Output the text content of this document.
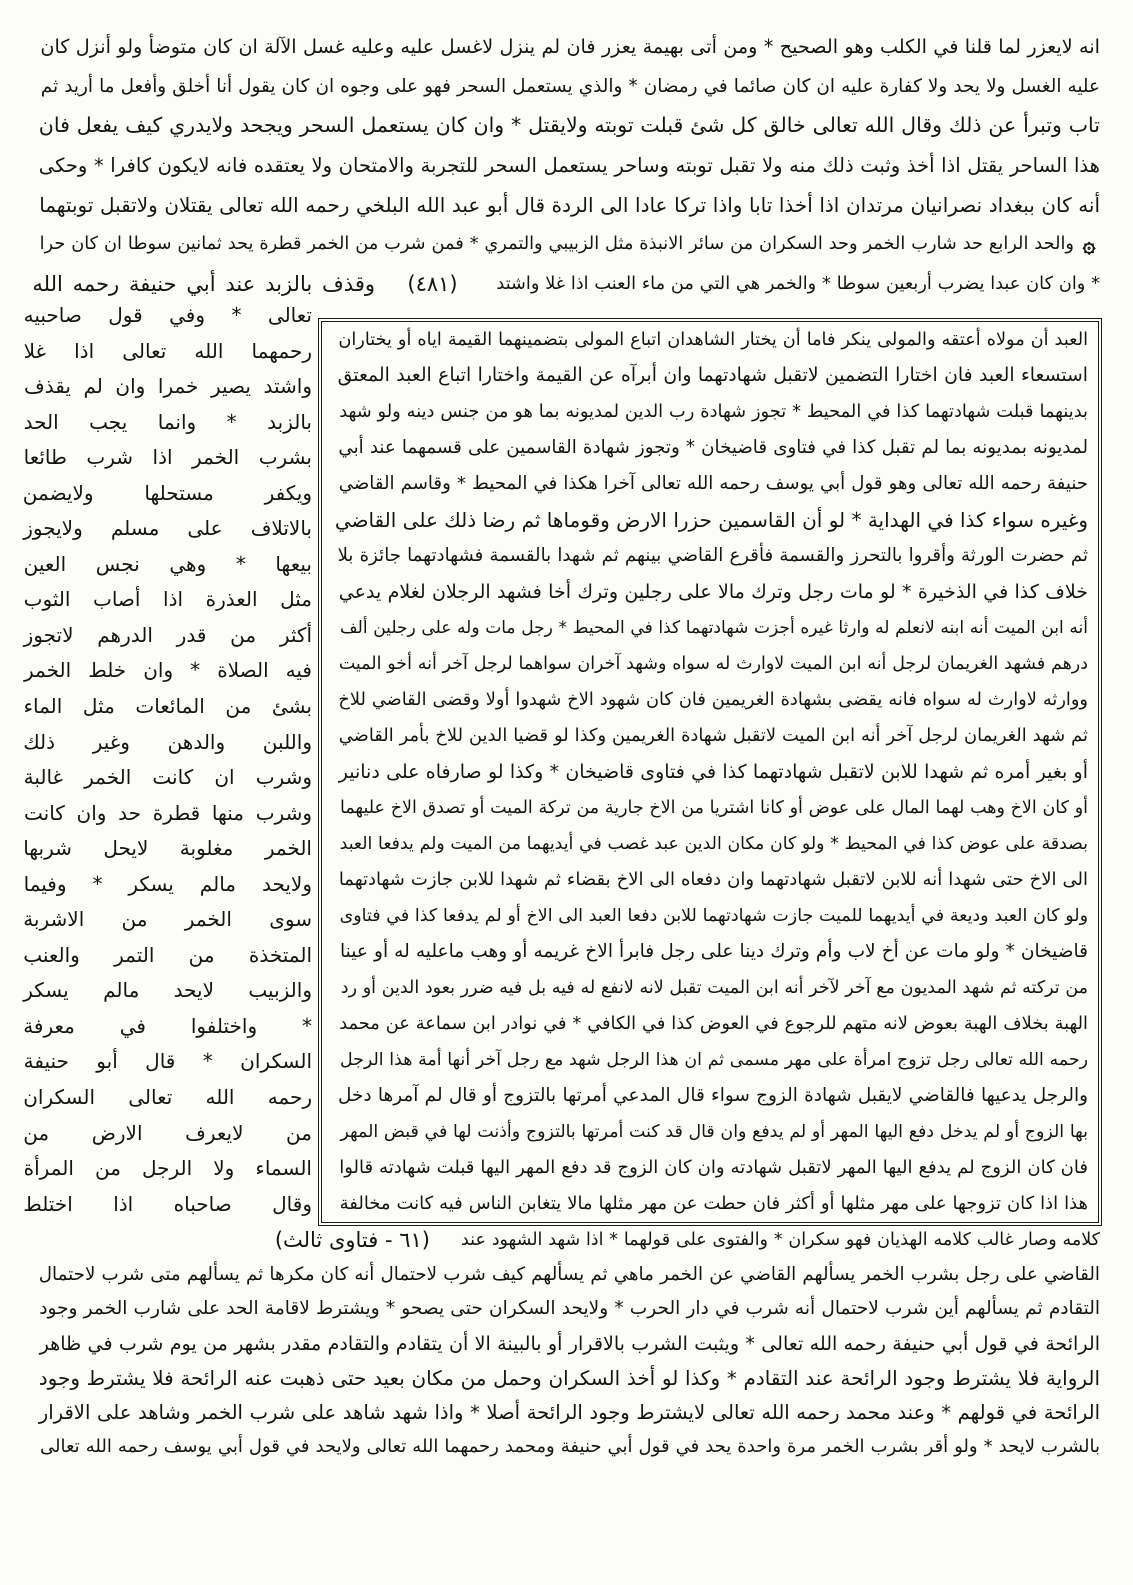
انه لايعزر لما قلنا في الكلب وهو الصحيح * ومن أتى بهيمة يعزر فان لم ينزل لاغسل عليه وعليه غسل الآلة ان كان متوضأ ولو أنزل كان
عليه الغسل ولا يحد ولا كفارة عليه ان كان صائما في رمضان * والذي يستعمل السحر فهو على وجوه ان كان يقول أنا أخلق وأفعل ما أريد ثم
تاب وتبرأ عن ذلك وقال الله تعالى خالق كل شئ قبلت توبته ولايقتل * وان كان يستعمل السحر ويجحد ولايدري كيف يفعل فان
هذا الساحر يقتل اذا أخذ وثبت ذلك منه ولا تقبل توبته وساحر يستعمل السحر للتجربة والامتحان ولا يعتقده فانه لايكون كافرا * وحكى
أنه كان ببغداد نصرانيان مرتدان اذا أخذا تابا واذا تركا عادا الى الردة قال أبو عبد الله البلخي رحمه الله تعالى يقتلان ولاتقبل توبتهما
۞
والحد الرابع حد شارب الخمر وحد السكران من سائر الانبذة مثل الزبيبي والتمري * فمن شرب من الخمر قطرة يحد ثمانين سوطا ان كان حرا
* وان كان عبدا يضرب أربعين سوطا * والخمر هي التي من ماء العنب اذا غلا واشتد
(٤٨١)
وقذف بالزبد عند أبي حنيفة رحمه الله
تعالى * وفي قول صاحبيه
رحمهما الله تعالى اذا غلا
واشتد يصير خمرا وان لم يقذف
بالزبد * وانما يجب الحد
بشرب الخمر اذا شرب طائعا
ويكفر مستحلها ولايضمن
بالاتلاف على مسلم ولايجوز
بيعها * وهي نجس العين
مثل العذرة اذا أصاب الثوب
أكثر من قدر الدرهم لاتجوز
فيه الصلاة * وان خلط الخمر
بشئ من المائعات مثل الماء
واللبن والدهن وغير ذلك
وشرب ان كانت الخمر غالبة
وشرب منها قطرة حد وان كانت
الخمر مغلوبة لايحل شربها
ولايحد مالم يسكر * وفيما
سوى الخمر من الاشربة
المتخذة من التمر والعنب
والزبيب لايحد مالم يسكر
* واختلفوا في معرفة
السكران * قال أبو حنيفة
رحمه الله تعالى السكران
من لايعرف الارض من
السماء ولا الرجل من المرأة
وقال صاحباه اذا اختلط
العبد أن مولاه أعتقه والمولى ينكر فاما أن يختار الشاهدان اتباع المولى بتضمينهما القيمة اياه أو يختاران
استسعاء العبد فان اختارا التضمين لاتقبل شهادتهما وان أبرآه عن القيمة واختارا اتباع العبد المعتق
بدينهما قبلت شهادتهما كذا في المحيط * تجوز شهادة رب الدين لمديونه بما هو من جنس دينه ولو شهد
لمديونه بمديونه بما لم تقبل كذا في فتاوى قاضيخان * وتجوز شهادة القاسمين على قسمهما عند أبي
حنيفة رحمه الله تعالى وهو قول أبي يوسف رحمه الله تعالى آخرا هكذا في المحيط * وقاسم القاضي
وغيره سواء كذا في الهداية * لو أن القاسمين حزرا الارض وقوماها ثم رضا ذلك على القاضي
ثم حضرت الورثة وأقروا بالتحرز والقسمة فأقرع القاضي بينهم ثم شهدا بالقسمة فشهادتهما جائزة بلا
خلاف كذا في الذخيرة * لو مات رجل وترك مالا على رجلين وترك أخا فشهد الرجلان لغلام يدعي
أنه ابن الميت أنه ابنه لانعلم له وارثا غيره أجزت شهادتهما كذا في المحيط * رجل مات وله على رجلين ألف
درهم فشهد الغريمان لرجل أنه ابن الميت لاوارث له سواه وشهد آخران سواهما لرجل آخر أنه أخو الميت
ووارثه لاوارث له سواه فانه يقضى بشهادة الغريمين فان كان شهود الاخ شهدوا أولا وقضى القاضي للاخ
ثم شهد الغريمان لرجل آخر أنه ابن الميت لاتقبل شهادة الغريمين وكذا لو قضيا الدين للاخ بأمر القاضي
أو بغير أمره ثم شهدا للابن لاتقبل شهادتهما كذا في فتاوى قاضيخان * وكذا لو صارفاه على دنانير
أو كان الاخ وهب لهما المال على عوض أو كانا اشتريا من الاخ جارية من تركة الميت أو تصدق الاخ عليهما
بصدقة على عوض كذا في المحيط * ولو كان مكان الدين عبد غصب في أيديهما من الميت ولم يدفعا العبد
الى الاخ حتى شهدا أنه للابن لاتقبل شهادتهما وان دفعاه الى الاخ بقضاء ثم شهدا للابن جازت شهادتهما
ولو كان العبد وديعة في أيديهما للميت جازت شهادتهما للابن دفعا العبد الى الاخ أو لم يدفعا كذا في فتاوى
قاضيخان * ولو مات عن أخ لاب وأم وترك دينا على رجل فابرأ الاخ غريمه أو وهب ماعليه له أو عينا
من تركته ثم شهد المديون مع آخر لآخر أنه ابن الميت تقبل لانه لانفع له فيه بل فيه ضرر بعود الدين أو رد
الهبة بخلاف الهبة بعوض لانه متهم للرجوع في العوض كذا في الكافي * في نوادر ابن سماعة عن محمد
رحمه الله تعالى رجل تزوج امرأة على مهر مسمى ثم ان هذا الرجل شهد مع رجل آخر أنها أمة هذا الرجل
والرجل يدعيها فالقاضي لايقبل شهادة الزوج سواء قال المدعي أمرتها بالتزوج أو قال لم آمرها دخل
بها الزوج أو لم يدخل دفع اليها المهر أو لم يدفع وان قال قد كنت أمرتها بالتزوج وأذنت لها في قبض المهر
فان كان الزوج لم يدفع اليها المهر لاتقبل شهادته وان كان الزوج قد دفع المهر اليها قبلت شهادته قالوا
هذا اذا كان تزوجها على مهر مثلها أو أكثر فان حطت عن مهر مثلها مالا يتغابن الناس فيه كانت مخالفة
كلامه وصار غالب كلامه الهذيان فهو سكران * والفتوى على قولهما * اذا شهد الشهود عند
(٦١ - فتاوى ثالث)
القاضي على رجل بشرب الخمر يسألهم القاضي عن الخمر ماهي ثم يسألهم كيف شرب لاحتمال أنه كان مكرها ثم يسألهم متى شرب لاحتمال
التقادم ثم يسألهم أين شرب لاحتمال أنه شرب في دار الحرب * ولايحد السكران حتى يصحو * ويشترط لاقامة الحد على شارب الخمر وجود
الرائحة في قول أبي حنيفة رحمه الله تعالى * ويثبت الشرب بالاقرار أو بالبينة الا أن يتقادم والتقادم مقدر بشهر من يوم شرب في ظاهر
الرواية فلا يشترط وجود الرائحة عند التقادم * وكذا لو أخذ السكران وحمل من مكان بعيد حتى ذهبت عنه الرائحة فلا يشترط وجود
الرائحة في قولهم * وعند محمد رحمه الله تعالى لايشترط وجود الرائحة أصلا * واذا شهد شاهد على شرب الخمر وشاهد على الاقرار
بالشرب لايحد * ولو أقر بشرب الخمر مرة واحدة يحد في قول أبي حنيفة ومحمد رحمهما الله تعالى ولايحد في قول أبي يوسف رحمه الله تعالى
